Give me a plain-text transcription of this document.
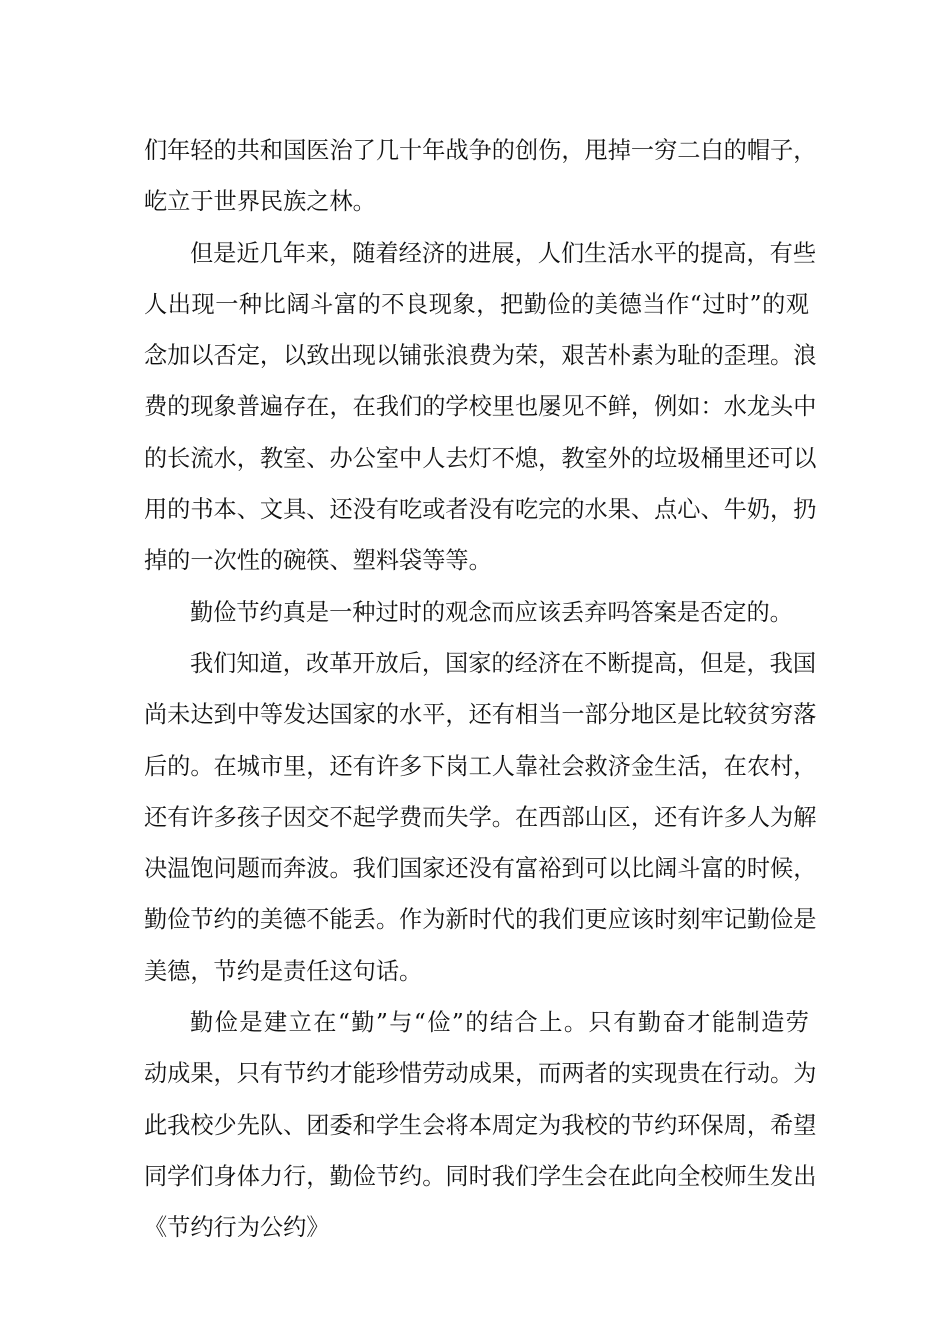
们年轻的共和国医治了几十年战争的创伤，甩掉一穷二白的帽子，
屹立于世界民族之林。
但是近几年来，随着经济的进展，人们生活水平的提高，有些
人出现一种比阔斗富的不良现象，把勤俭的美德当作“过时”的观
念加以否定，以致出现以铺张浪费为荣，艰苦朴素为耻的歪理。浪
费的现象普遍存在，在我们的学校里也屡见不鲜，例如：水龙头中
的长流水，教室、办公室中人去灯不熄，教室外的垃圾桶里还可以
用的书本、文具、还没有吃或者没有吃完的水果、点心、牛奶，扔
掉的一次性的碗筷、塑料袋等等。
勤俭节约真是一种过时的观念而应该丢弃吗答案是否定的。
我们知道，改革开放后，国家的经济在不断提高，但是，我国
尚未达到中等发达国家的水平，还有相当一部分地区是比较贫穷落
后的。在城市里，还有许多下岗工人靠社会救济金生活，在农村，
还有许多孩子因交不起学费而失学。在西部山区，还有许多人为解
决温饱问题而奔波。我们国家还没有富裕到可以比阔斗富的时候，
勤俭节约的美德不能丢。作为新时代的我们更应该时刻牢记勤俭是
美德，节约是责任这句话。
勤俭是建立在“勤”与“俭”的结合上。只有勤奋才能制造劳
动成果，只有节约才能珍惜劳动成果，而两者的实现贵在行动。为
此我校少先队、团委和学生会将本周定为我校的节约环保周，希望
同学们身体力行，勤俭节约。同时我们学生会在此向全校师生发出
《节约行为公约》
